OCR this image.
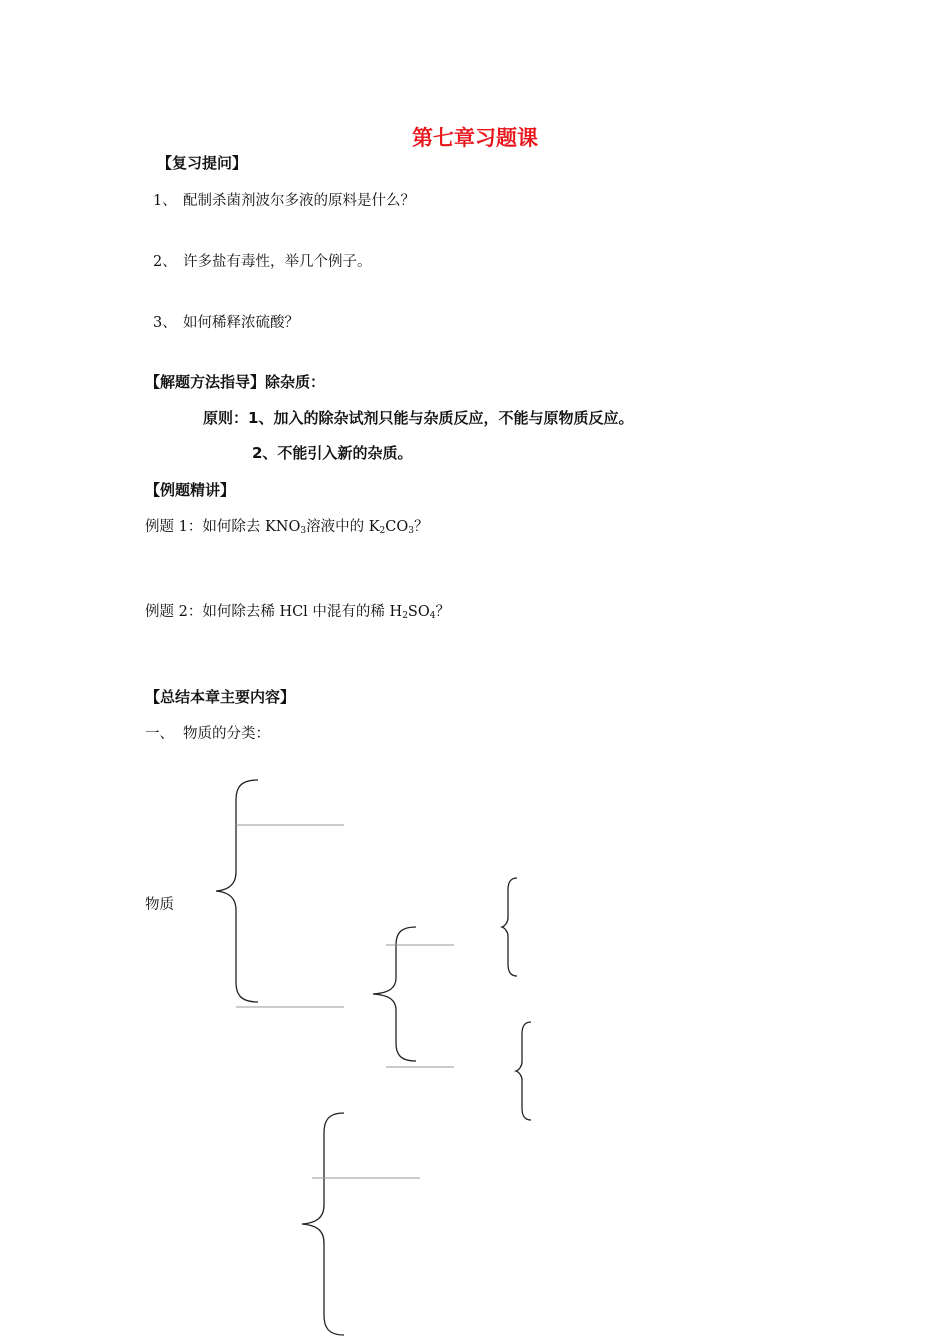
第七章习题课
【复习提问】
1、 配制杀菌剂波尔多液的原料是什么？
2、 许多盐有毒性，举几个例子。
3、 如何稀释浓硫酸？
【解题方法指导】除杂质：
原则：1、加入的除杂试剂只能与杂质反应，不能与原物质反应。
2、不能引入新的杂质。
【例题精讲】
例题 1：如何除去 $KNO_3$溶液中的 $K_2CO_3$？
例题 2：如何除去稀 HCl 中混有的稀 $H_2SO_4$？
【总结本章主要内容】
一、 物质的分类：
物质
